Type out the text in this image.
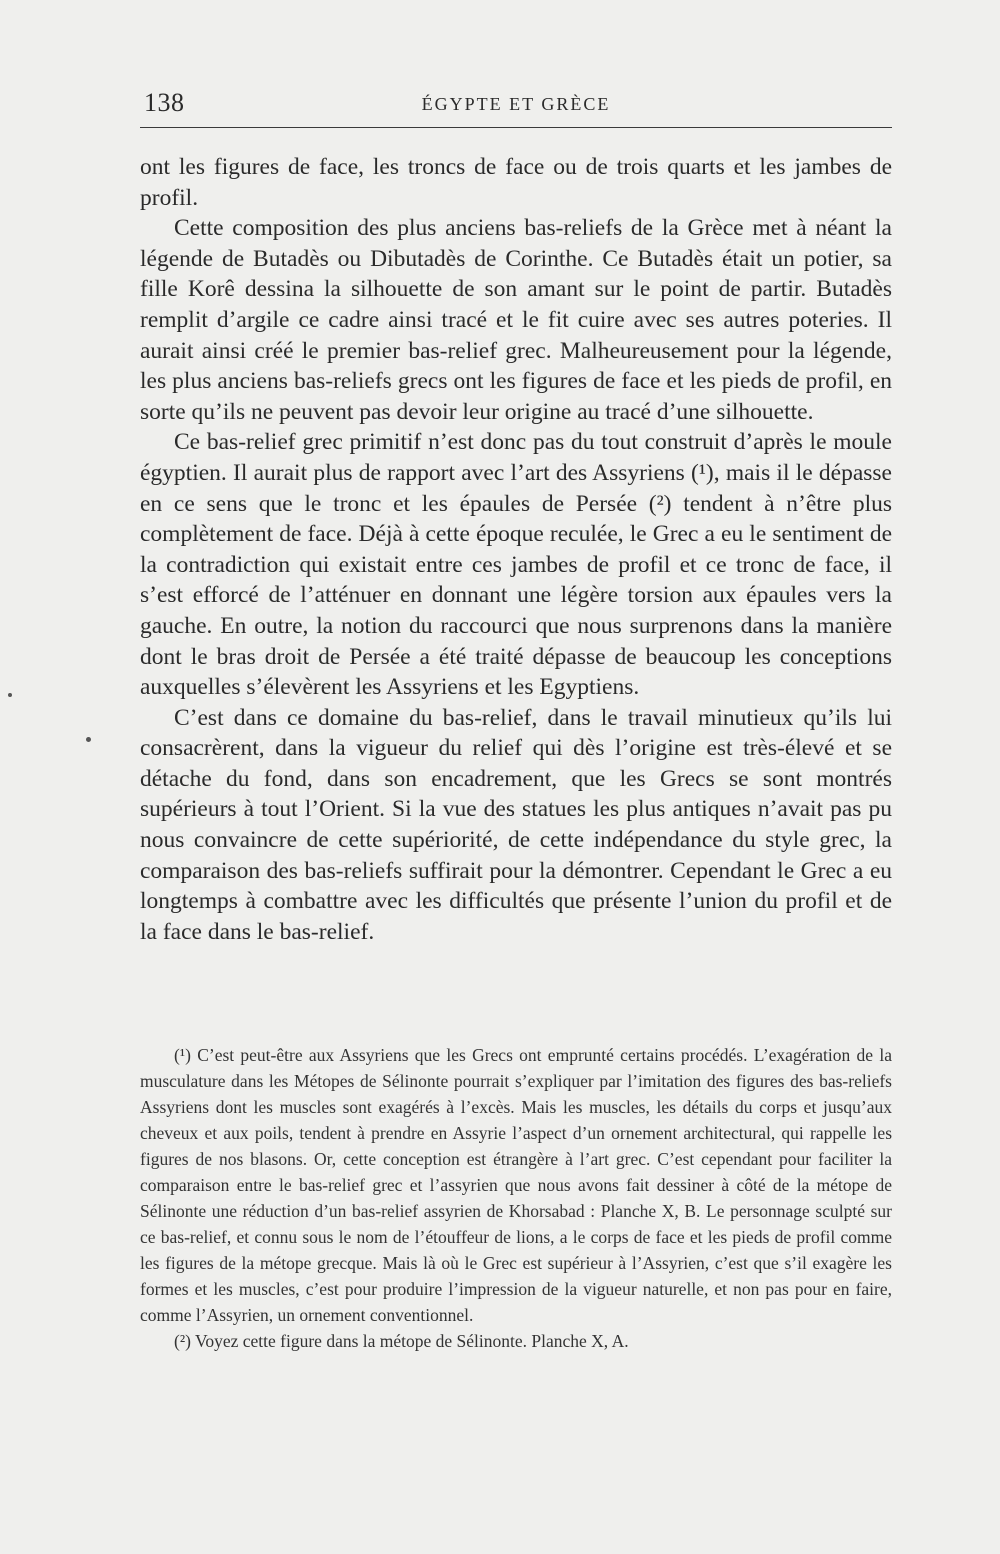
138	ÉGYPTE ET GRÈCE

ont les figures de face, les troncs de face ou de trois quarts et les jambes de profil.

Cette composition des plus anciens bas-reliefs de la Grèce met à néant la légende de Butadès ou Dibutadès de Corinthe. Ce Butadès était un potier, sa fille Korê dessina la silhouette de son amant sur le point de partir. Butadès remplit d’argile ce cadre ainsi tracé et le fit cuire avec ses autres poteries. Il aurait ainsi créé le premier bas-relief grec. Malheureusement pour la légende, les plus anciens bas-reliefs grecs ont les figures de face et les pieds de profil, en sorte qu’ils ne peuvent pas devoir leur origine au tracé d’une silhouette.

Ce bas-relief grec primitif n’est donc pas du tout construit d’après le moule égyptien. Il aurait plus de rapport avec l’art des Assyriens (¹), mais il le dépasse en ce sens que le tronc et les épaules de Persée (²) tendent à n’être plus complètement de face. Déjà à cette époque reculée, le Grec a eu le sentiment de la contradiction qui existait entre ces jambes de profil et ce tronc de face, il s’est efforcé de l’atténuer en donnant une légère torsion aux épaules vers la gauche. En outre, la notion du raccourci que nous surprenons dans la manière dont le bras droit de Persée a été traité dépasse de beaucoup les conceptions auxquelles s’élevèrent les Assyriens et les Egyptiens.

C’est dans ce domaine du bas-relief, dans le travail minutieux qu’ils lui consacrèrent, dans la vigueur du relief qui dès l’origine est très-élevé et se détache du fond, dans son encadrement, que les Grecs se sont montrés supérieurs à tout l’Orient. Si la vue des statues les plus antiques n’avait pas pu nous convaincre de cette supériorité, de cette indépendance du style grec, la comparaison des bas-reliefs suffirait pour la démontrer. Cependant le Grec a eu longtemps à combattre avec les difficultés que présente l’union du profil et de la face dans le bas-relief.

(¹) C’est peut-être aux Assyriens que les Grecs ont emprunté certains procédés. L’exagération de la musculature dans les Métopes de Sélinonte pourrait s’expliquer par l’imitation des figures des bas-reliefs Assyriens dont les muscles sont exagérés à l’excès. Mais les muscles, les détails du corps et jusqu’aux cheveux et aux poils, tendent à prendre en Assyrie l’aspect d’un ornement architectural, qui rappelle les figures de nos blasons. Or, cette conception est étrangère à l’art grec. C’est cependant pour faciliter la comparaison entre le bas-relief grec et l’assyrien que nous avons fait dessiner à côté de la métope de Sélinonte une réduction d’un bas-relief assyrien de Khorsabad : Planche X, B. Le personnage sculpté sur ce bas-relief, et connu sous le nom de l’étouffeur de lions, a le corps de face et les pieds de profil comme les figures de la métope grecque. Mais là où le Grec est supérieur à l’Assyrien, c’est que s’il exagère les formes et les muscles, c’est pour produire l’impression de la vigueur naturelle, et non pas pour en faire, comme l’Assyrien, un ornement conventionnel.

(²) Voyez cette figure dans la métope de Sélinonte. Planche X, A.
